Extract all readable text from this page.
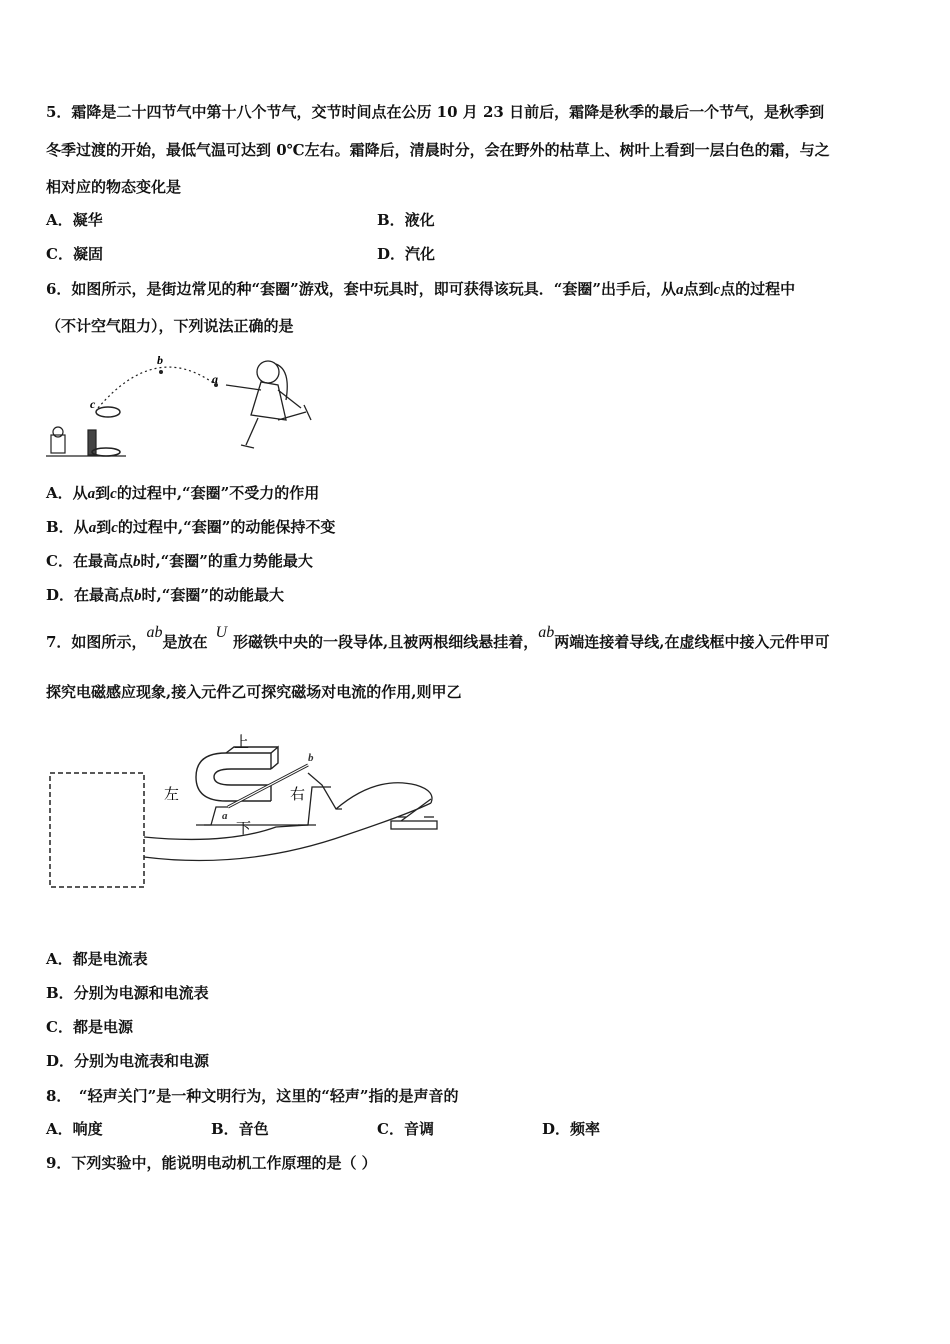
5．霜降是二十四节气中第十八个节气，交节时间点在公历 10 月 23 日前后，霜降是秋季的最后一个节气，是秋季到
冬季过渡的开始，最低气温可达到 0℃左右。霜降后，清晨时分，会在野外的枯草上、树叶上看到一层白色的霜，与之
相对应的物态变化是
A．凝华	B．液化
C．凝固	D．汽化
6．如图所示，是街边常见的种“套圈”游戏，套中玩具时，即可获得该玩具．“套圈”出手后，从a点到c点的过程中
（不计空气阻力），下列说法正确的是
b
a
c
A．从a到c的过程中,“套圈”不受力的作用
B．从a到c的过程中,“套圈”的动能保持不变
C．在最高点b时,“套圈”的重力势能最大
D．在最高点b时,“套圈”的动能最大
7．如图所示，ab是放在U形磁铁中央的一段导体,且被两根细线悬挂着，ab两端连接着导线,在虚线框中接入元件甲可
探究电磁感应现象,接入元件乙可探究磁场对电流的作用,则甲乙
上
左	右
下
a
b
A．都是电流表
B．分别为电源和电流表
C．都是电源
D．分别为电流表和电源
8．　“轻声关门”是一种文明行为，这里的“轻声”指的是声音的
A．响度	B．音色	C．音调	D．频率
9．下列实验中，能说明电动机工作原理的是（ ）
